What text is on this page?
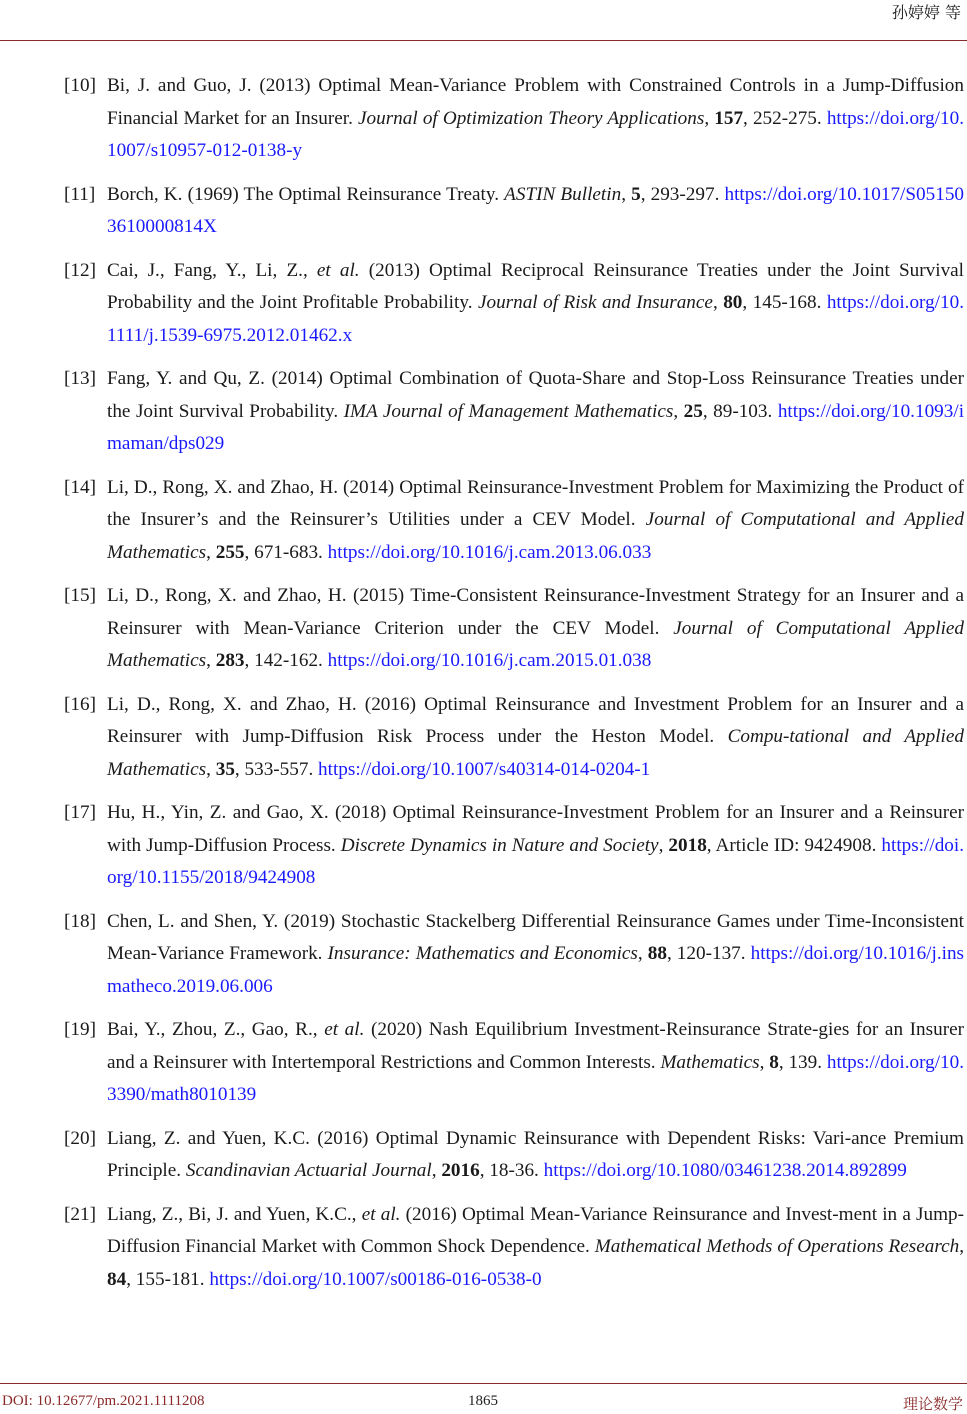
孙婷婷 等
[10] Bi, J. and Guo, J. (2013) Optimal Mean-Variance Problem with Constrained Controls in a Jump-Diffusion Financial Market for an Insurer. Journal of Optimization Theory Applications, 157, 252-275. https://doi.org/10.1007/s10957-012-0138-y
[11] Borch, K. (1969) The Optimal Reinsurance Treaty. ASTIN Bulletin, 5, 293-297. https://doi.org/10.1017/S051503610000814X
[12] Cai, J., Fang, Y., Li, Z., et al. (2013) Optimal Reciprocal Reinsurance Treaties under the Joint Survival Probability and the Joint Profitable Probability. Journal of Risk and Insurance, 80, 145-168. https://doi.org/10.1111/j.1539-6975.2012.01462.x
[13] Fang, Y. and Qu, Z. (2014) Optimal Combination of Quota-Share and Stop-Loss Reinsurance Treaties under the Joint Survival Probability. IMA Journal of Management Mathematics, 25, 89-103. https://doi.org/10.1093/imaman/dps029
[14] Li, D., Rong, X. and Zhao, H. (2014) Optimal Reinsurance-Investment Problem for Maximizing the Product of the Insurer’s and the Reinsurer’s Utilities under a CEV Model. Journal of Computational and Applied Mathematics, 255, 671-683. https://doi.org/10.1016/j.cam.2013.06.033
[15] Li, D., Rong, X. and Zhao, H. (2015) Time-Consistent Reinsurance-Investment Strategy for an Insurer and a Reinsurer with Mean-Variance Criterion under the CEV Model. Journal of Computational Applied Mathematics, 283, 142-162. https://doi.org/10.1016/j.cam.2015.01.038
[16] Li, D., Rong, X. and Zhao, H. (2016) Optimal Reinsurance and Investment Problem for an Insurer and a Reinsurer with Jump-Diffusion Risk Process under the Heston Model. Compu-tational and Applied Mathematics, 35, 533-557. https://doi.org/10.1007/s40314-014-0204-1
[17] Hu, H., Yin, Z. and Gao, X. (2018) Optimal Reinsurance-Investment Problem for an Insurer and a Reinsurer with Jump-Diffusion Process. Discrete Dynamics in Nature and Society, 2018, Article ID: 9424908. https://doi.org/10.1155/2018/9424908
[18] Chen, L. and Shen, Y. (2019) Stochastic Stackelberg Differential Reinsurance Games under Time-Inconsistent Mean-Variance Framework. Insurance: Mathematics and Economics, 88, 120-137. https://doi.org/10.1016/j.insmatheco.2019.06.006
[19] Bai, Y., Zhou, Z., Gao, R., et al. (2020) Nash Equilibrium Investment-Reinsurance Strate-gies for an Insurer and a Reinsurer with Intertemporal Restrictions and Common Interests. Mathematics, 8, 139. https://doi.org/10.3390/math8010139
[20] Liang, Z. and Yuen, K.C. (2016) Optimal Dynamic Reinsurance with Dependent Risks: Vari-ance Premium Principle. Scandinavian Actuarial Journal, 2016, 18-36. https://doi.org/10.1080/03461238.2014.892899
[21] Liang, Z., Bi, J. and Yuen, K.C., et al. (2016) Optimal Mean-Variance Reinsurance and Invest-ment in a Jump-Diffusion Financial Market with Common Shock Dependence. Mathematical Methods of Operations Research, 84, 155-181. https://doi.org/10.1007/s00186-016-0538-0
DOI: 10.12677/pm.2021.1111208	1865	理论数学
